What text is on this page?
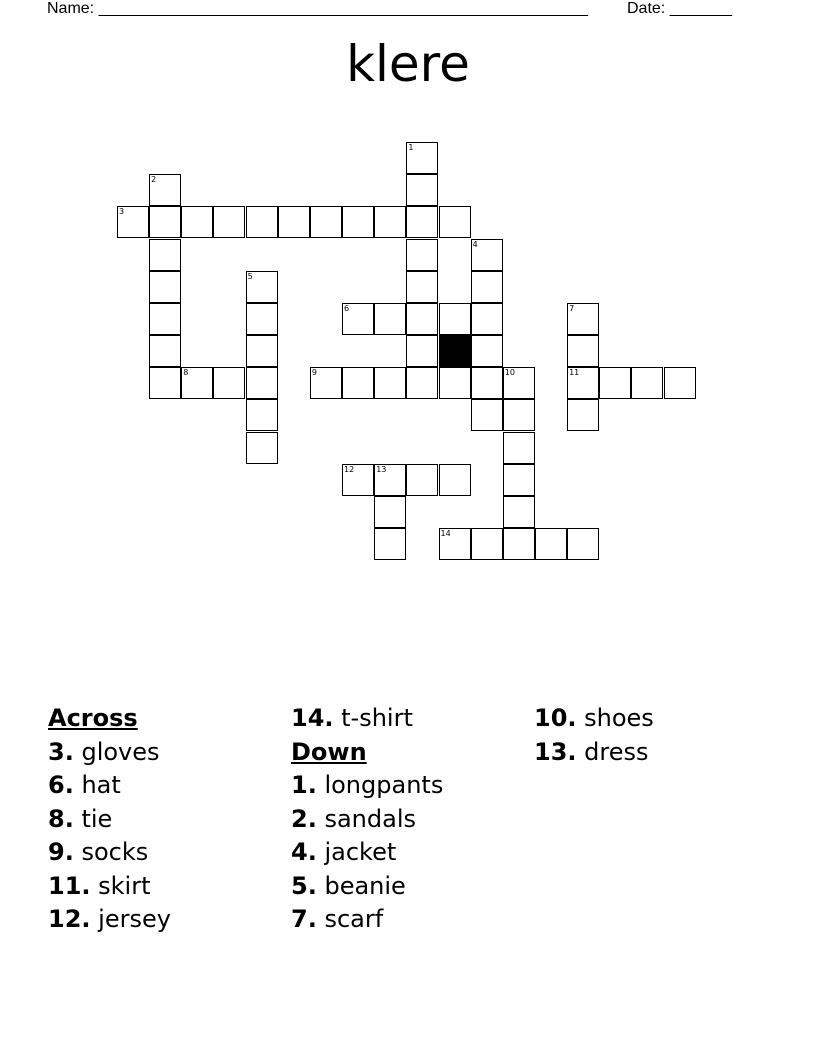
Name: _______________________________________________________ Date: _______
klere
1
2
3
4
5
6	7
11
8	9	10
12	13
14
Across
3. gloves
6. hat
8. tie
9. socks
11. skirt
12. jersey
14. t-shirt
Down
1. longpants
2. sandals
4. jacket
5. beanie
7. scarf
10. shoes
13. dress
